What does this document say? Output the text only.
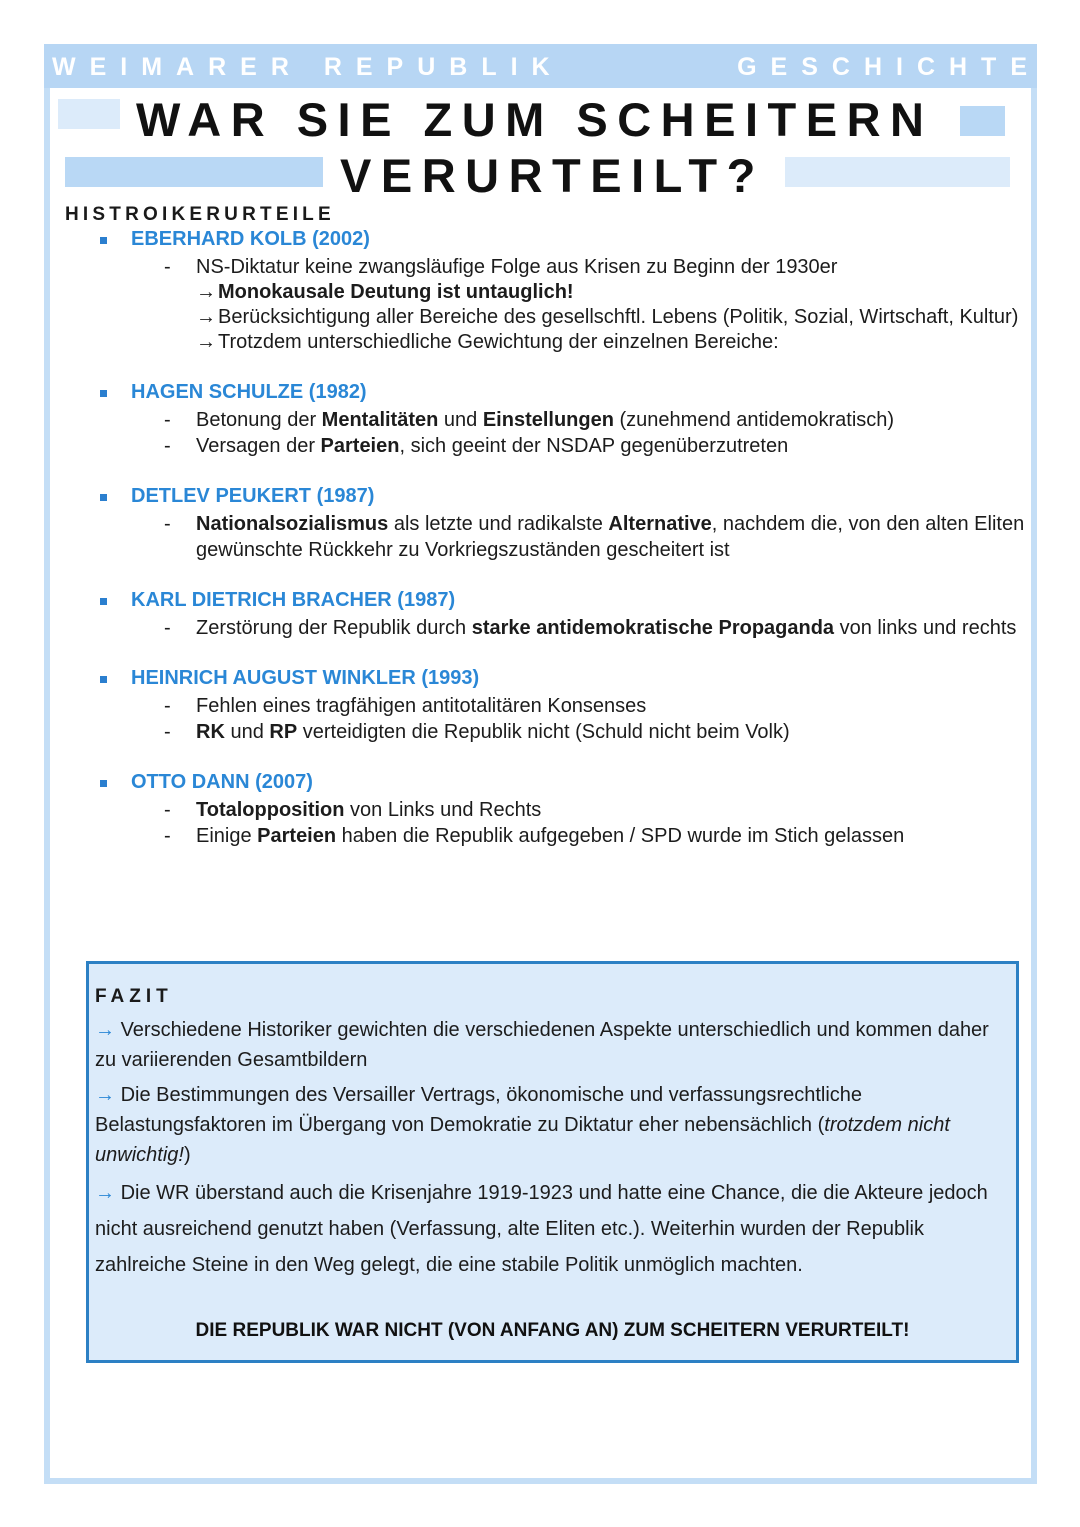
WEIMARER REPUBLIK	GESCHICHTE
WAR SIE ZUM SCHEITERN
VERURTEILT?
HISTROIKERURTEILE
EBERHARD KOLB (2002)
- NS-Diktatur keine zwangsläufige Folge aus Krisen zu Beginn der 1930er
→ Monokausale Deutung ist untauglich!
→ Berücksichtigung aller Bereiche des gesellschftl. Lebens (Politik, Sozial, Wirtschaft, Kultur)
→ Trotzdem unterschiedliche Gewichtung der einzelnen Bereiche:
HAGEN SCHULZE (1982)
- Betonung der Mentalitäten und Einstellungen (zunehmend antidemokratisch)
- Versagen der Parteien, sich geeint der NSDAP gegenüberzutreten
DETLEV PEUKERT (1987)
- Nationalsozialismus als letzte und radikalste Alternative, nachdem die, von den alten Eliten gewünschte Rückkehr zu Vorkriegszuständen gescheitert ist
KARL DIETRICH BRACHER (1987)
- Zerstörung der Republik durch starke antidemokratische Propaganda von links und rechts
HEINRICH AUGUST WINKLER (1993)
- Fehlen eines tragfähigen antitotalitären Konsenses
- RK und RP verteidigten die Republik nicht (Schuld nicht beim Volk)
OTTO DANN (2007)
- Totalopposition von Links und Rechts
- Einige Parteien haben die Republik aufgegeben / SPD wurde im Stich gelassen
FAZIT
→ Verschiedene Historiker gewichten die verschiedenen Aspekte unterschiedlich und kommen daher zu variierenden Gesamtbildern
→ Die Bestimmungen des Versailler Vertrags, ökonomische und verfassungsrechtliche Belastungsfaktoren im Übergang von Demokratie zu Diktatur eher nebensächlich (trotzdem nicht unwichtig!)
→ Die WR überstand auch die Krisenjahre 1919-1923 und hatte eine Chance, die die Akteure jedoch nicht ausreichend genutzt haben (Verfassung, alte Eliten etc.). Weiterhin wurden der Republik zahlreiche Steine in den Weg gelegt, die eine stabile Politik unmöglich machten.
DIE REPUBLIK WAR NICHT (VON ANFANG AN) ZUM SCHEITERN VERURTEILT!
